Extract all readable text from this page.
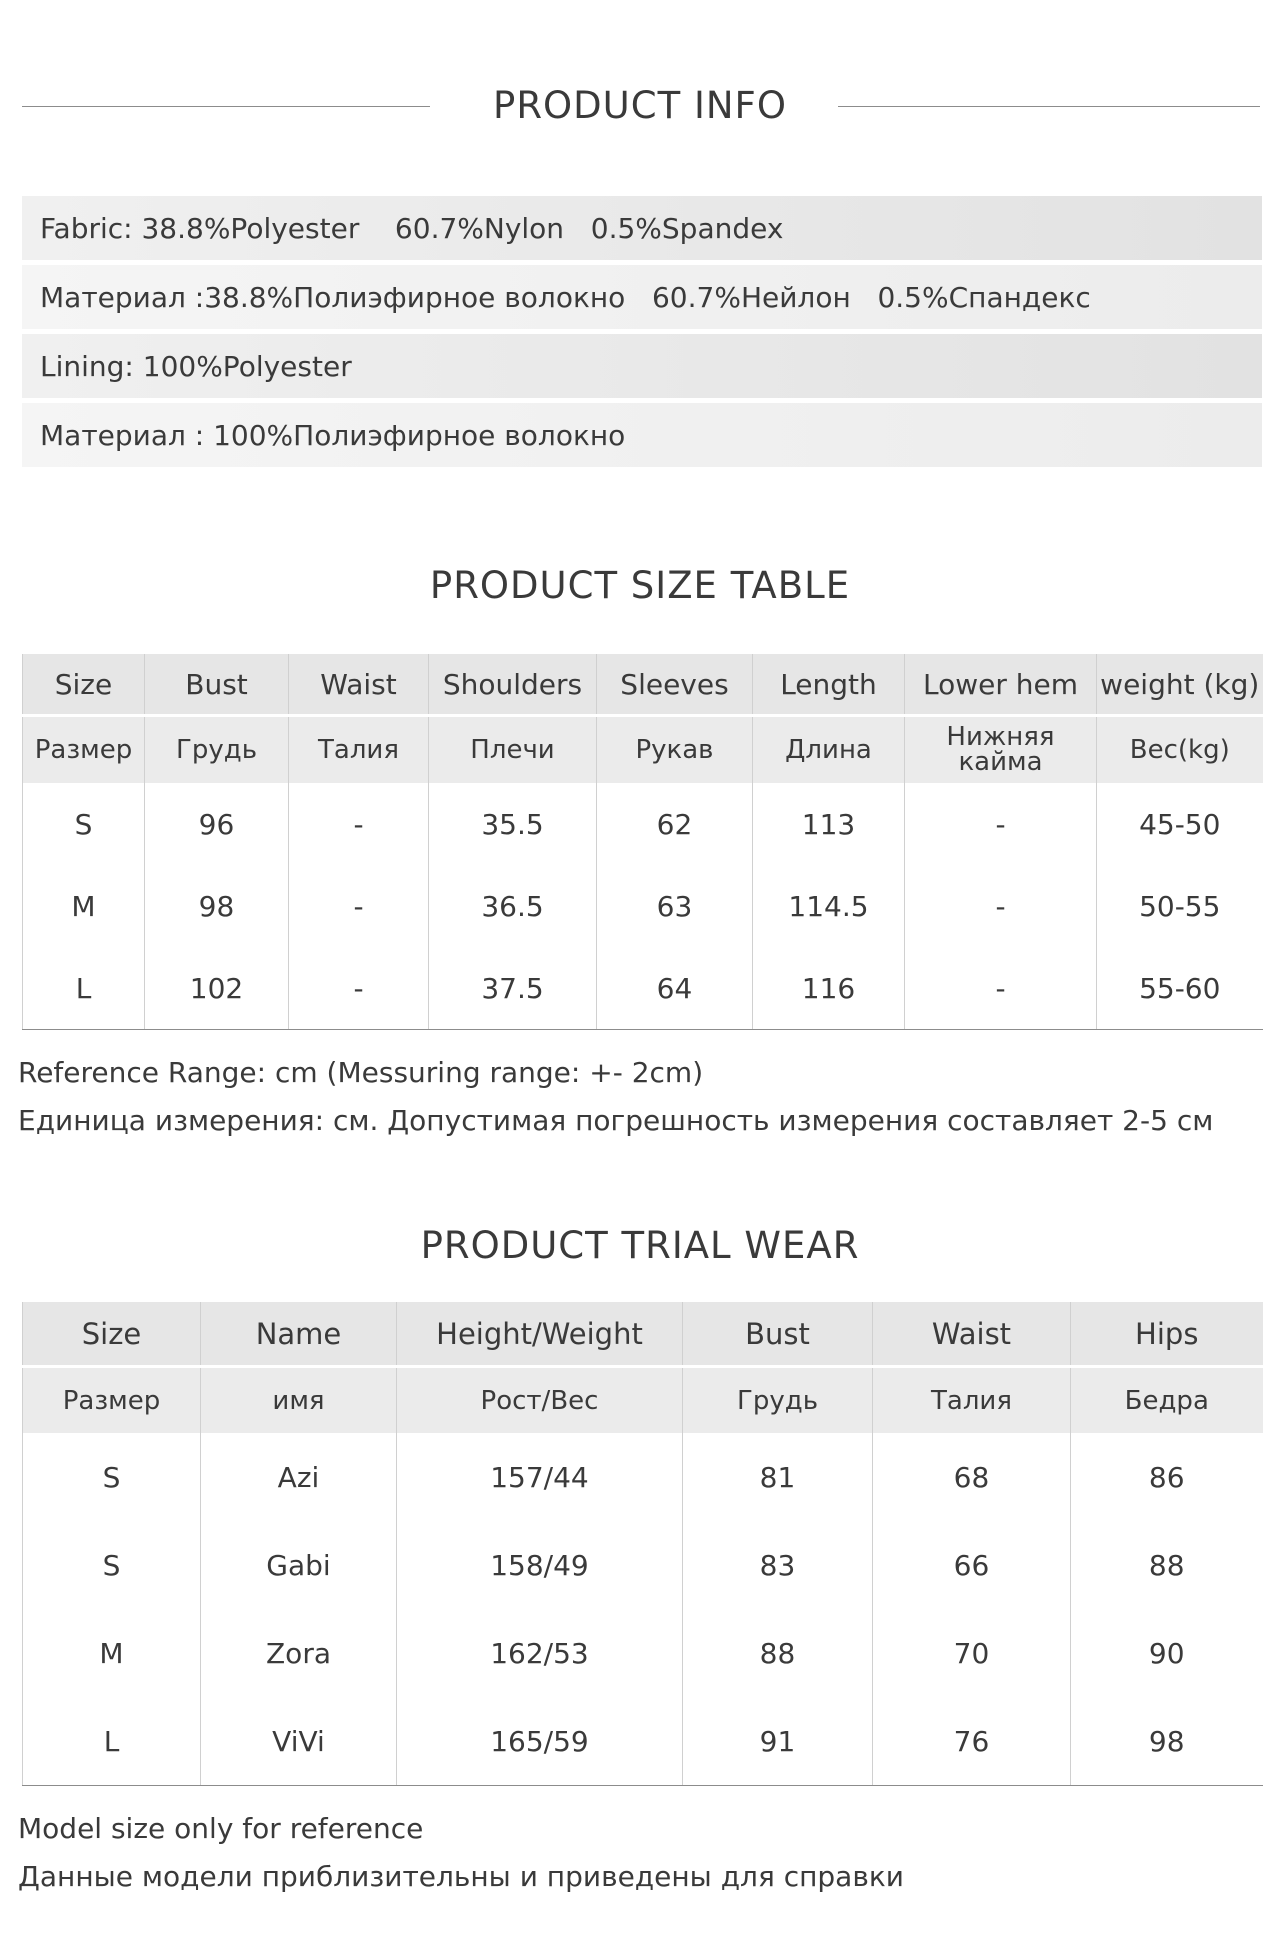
PRODUCT INFO
Fabric: 38.8%Polyester    60.7%Nylon   0.5%Spandex
Материал :38.8%Полиэфирное волокно   60.7%Нейлон   0.5%Спандекс
Lining: 100%Polyester
Материал : 100%Полиэфирное волокно
PRODUCT SIZE TABLE
Size	Bust	Waist	Shoulders	Sleeves	Length	Lower hem	weight (kg)
Размер	Грудь	Талия	Плечи	Рукав	Длина	Нижняя кайма	Вес(kg)
S	96	-	35.5	62	113	-	45-50
M	98	-	36.5	63	114.5	-	50-55
L	102	-	37.5	64	116	-	55-60
Reference Range: cm (Messuring range: +- 2cm)
Единица измерения: см. Допустимая погрешность измерения составляет 2-5 см
PRODUCT TRIAL WEAR
Size	Name	Height/Weight	Bust	Waist	Hips
Размер	имя	Рост/Вес	Грудь	Талия	Бедра
S	Azi	157/44	81	68	86
S	Gabi	158/49	83	66	88
M	Zora	162/53	88	70	90
L	ViVi	165/59	91	76	98
Model size only for reference
Данные модели приблизительны и приведены для справки
